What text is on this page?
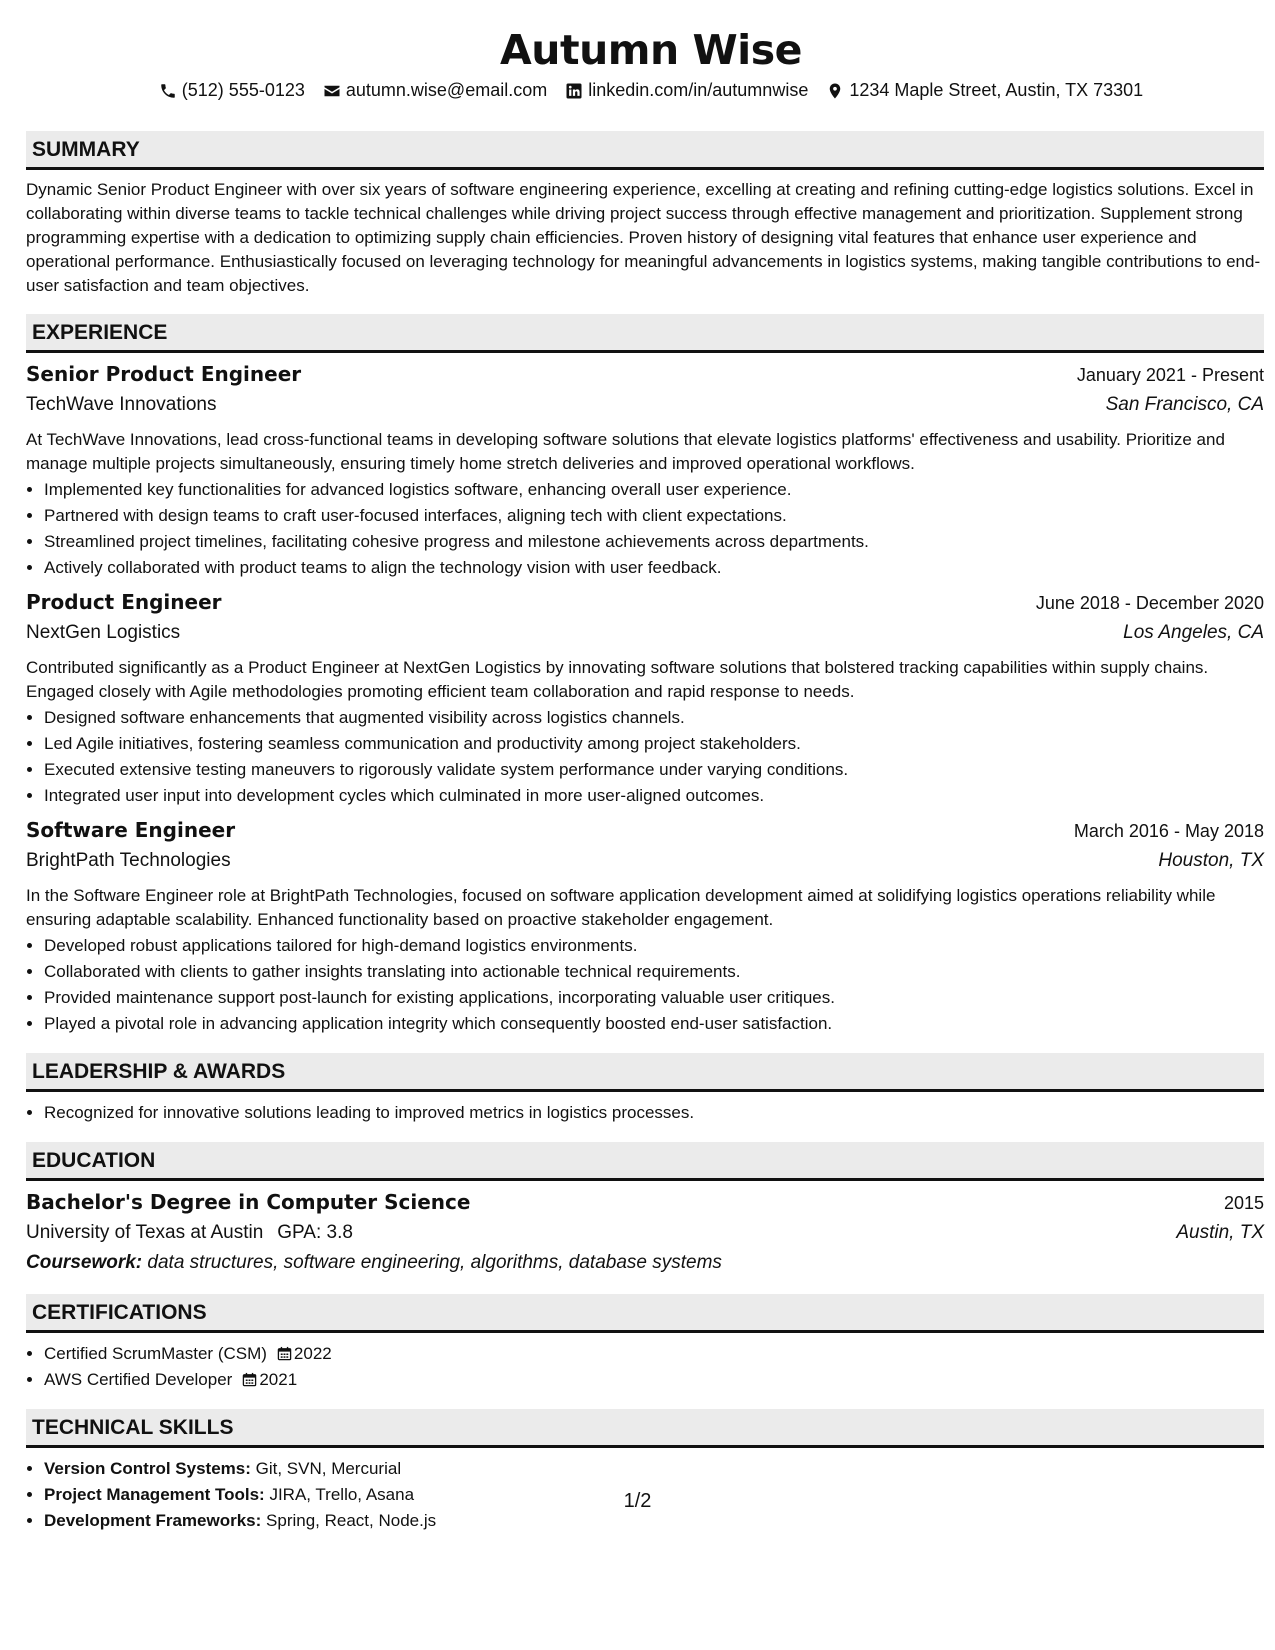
Autumn Wise
(512) 555-0123 autumn.wise@email.com linkedin.com/in/autumnwise 1234 Maple Street, Austin, TX 73301
SUMMARY
Dynamic Senior Product Engineer with over six years of software engineering experience, excelling at creating and refining cutting-edge logistics solutions. Excel in collaborating within diverse teams to tackle technical challenges while driving project success through effective management and prioritization. Supplement strong programming expertise with a dedication to optimizing supply chain efficiencies. Proven history of designing vital features that enhance user experience and operational performance. Enthusiastically focused on leveraging technology for meaningful advancements in logistics systems, making tangible contributions to end-user satisfaction and team objectives.
EXPERIENCE
Senior Product Engineer	January 2021 - Present
TechWave Innovations	San Francisco, CA
At TechWave Innovations, lead cross-functional teams in developing software solutions that elevate logistics platforms' effectiveness and usability. Prioritize and manage multiple projects simultaneously, ensuring timely home stretch deliveries and improved operational workflows.
• Implemented key functionalities for advanced logistics software, enhancing overall user experience.
• Partnered with design teams to craft user-focused interfaces, aligning tech with client expectations.
• Streamlined project timelines, facilitating cohesive progress and milestone achievements across departments.
• Actively collaborated with product teams to align the technology vision with user feedback.
Product Engineer	June 2018 - December 2020
NextGen Logistics	Los Angeles, CA
Contributed significantly as a Product Engineer at NextGen Logistics by innovating software solutions that bolstered tracking capabilities within supply chains. Engaged closely with Agile methodologies promoting efficient team collaboration and rapid response to needs.
• Designed software enhancements that augmented visibility across logistics channels.
• Led Agile initiatives, fostering seamless communication and productivity among project stakeholders.
• Executed extensive testing maneuvers to rigorously validate system performance under varying conditions.
• Integrated user input into development cycles which culminated in more user-aligned outcomes.
Software Engineer	March 2016 - May 2018
BrightPath Technologies	Houston, TX
In the Software Engineer role at BrightPath Technologies, focused on software application development aimed at solidifying logistics operations reliability while ensuring adaptable scalability. Enhanced functionality based on proactive stakeholder engagement.
• Developed robust applications tailored for high-demand logistics environments.
• Collaborated with clients to gather insights translating into actionable technical requirements.
• Provided maintenance support post-launch for existing applications, incorporating valuable user critiques.
• Played a pivotal role in advancing application integrity which consequently boosted end-user satisfaction.
LEADERSHIP & AWARDS
• Recognized for innovative solutions leading to improved metrics in logistics processes.
EDUCATION
Bachelor's Degree in Computer Science	2015
University of Texas at Austin GPA: 3.8	Austin, TX
Coursework: data structures, software engineering, algorithms, database systems
CERTIFICATIONS
• Certified ScrumMaster (CSM) 2022
• AWS Certified Developer 2021
TECHNICAL SKILLS
• Version Control Systems: Git, SVN, Mercurial
• Project Management Tools: JIRA, Trello, Asana
• Development Frameworks: Spring, React, Node.js
1/2
